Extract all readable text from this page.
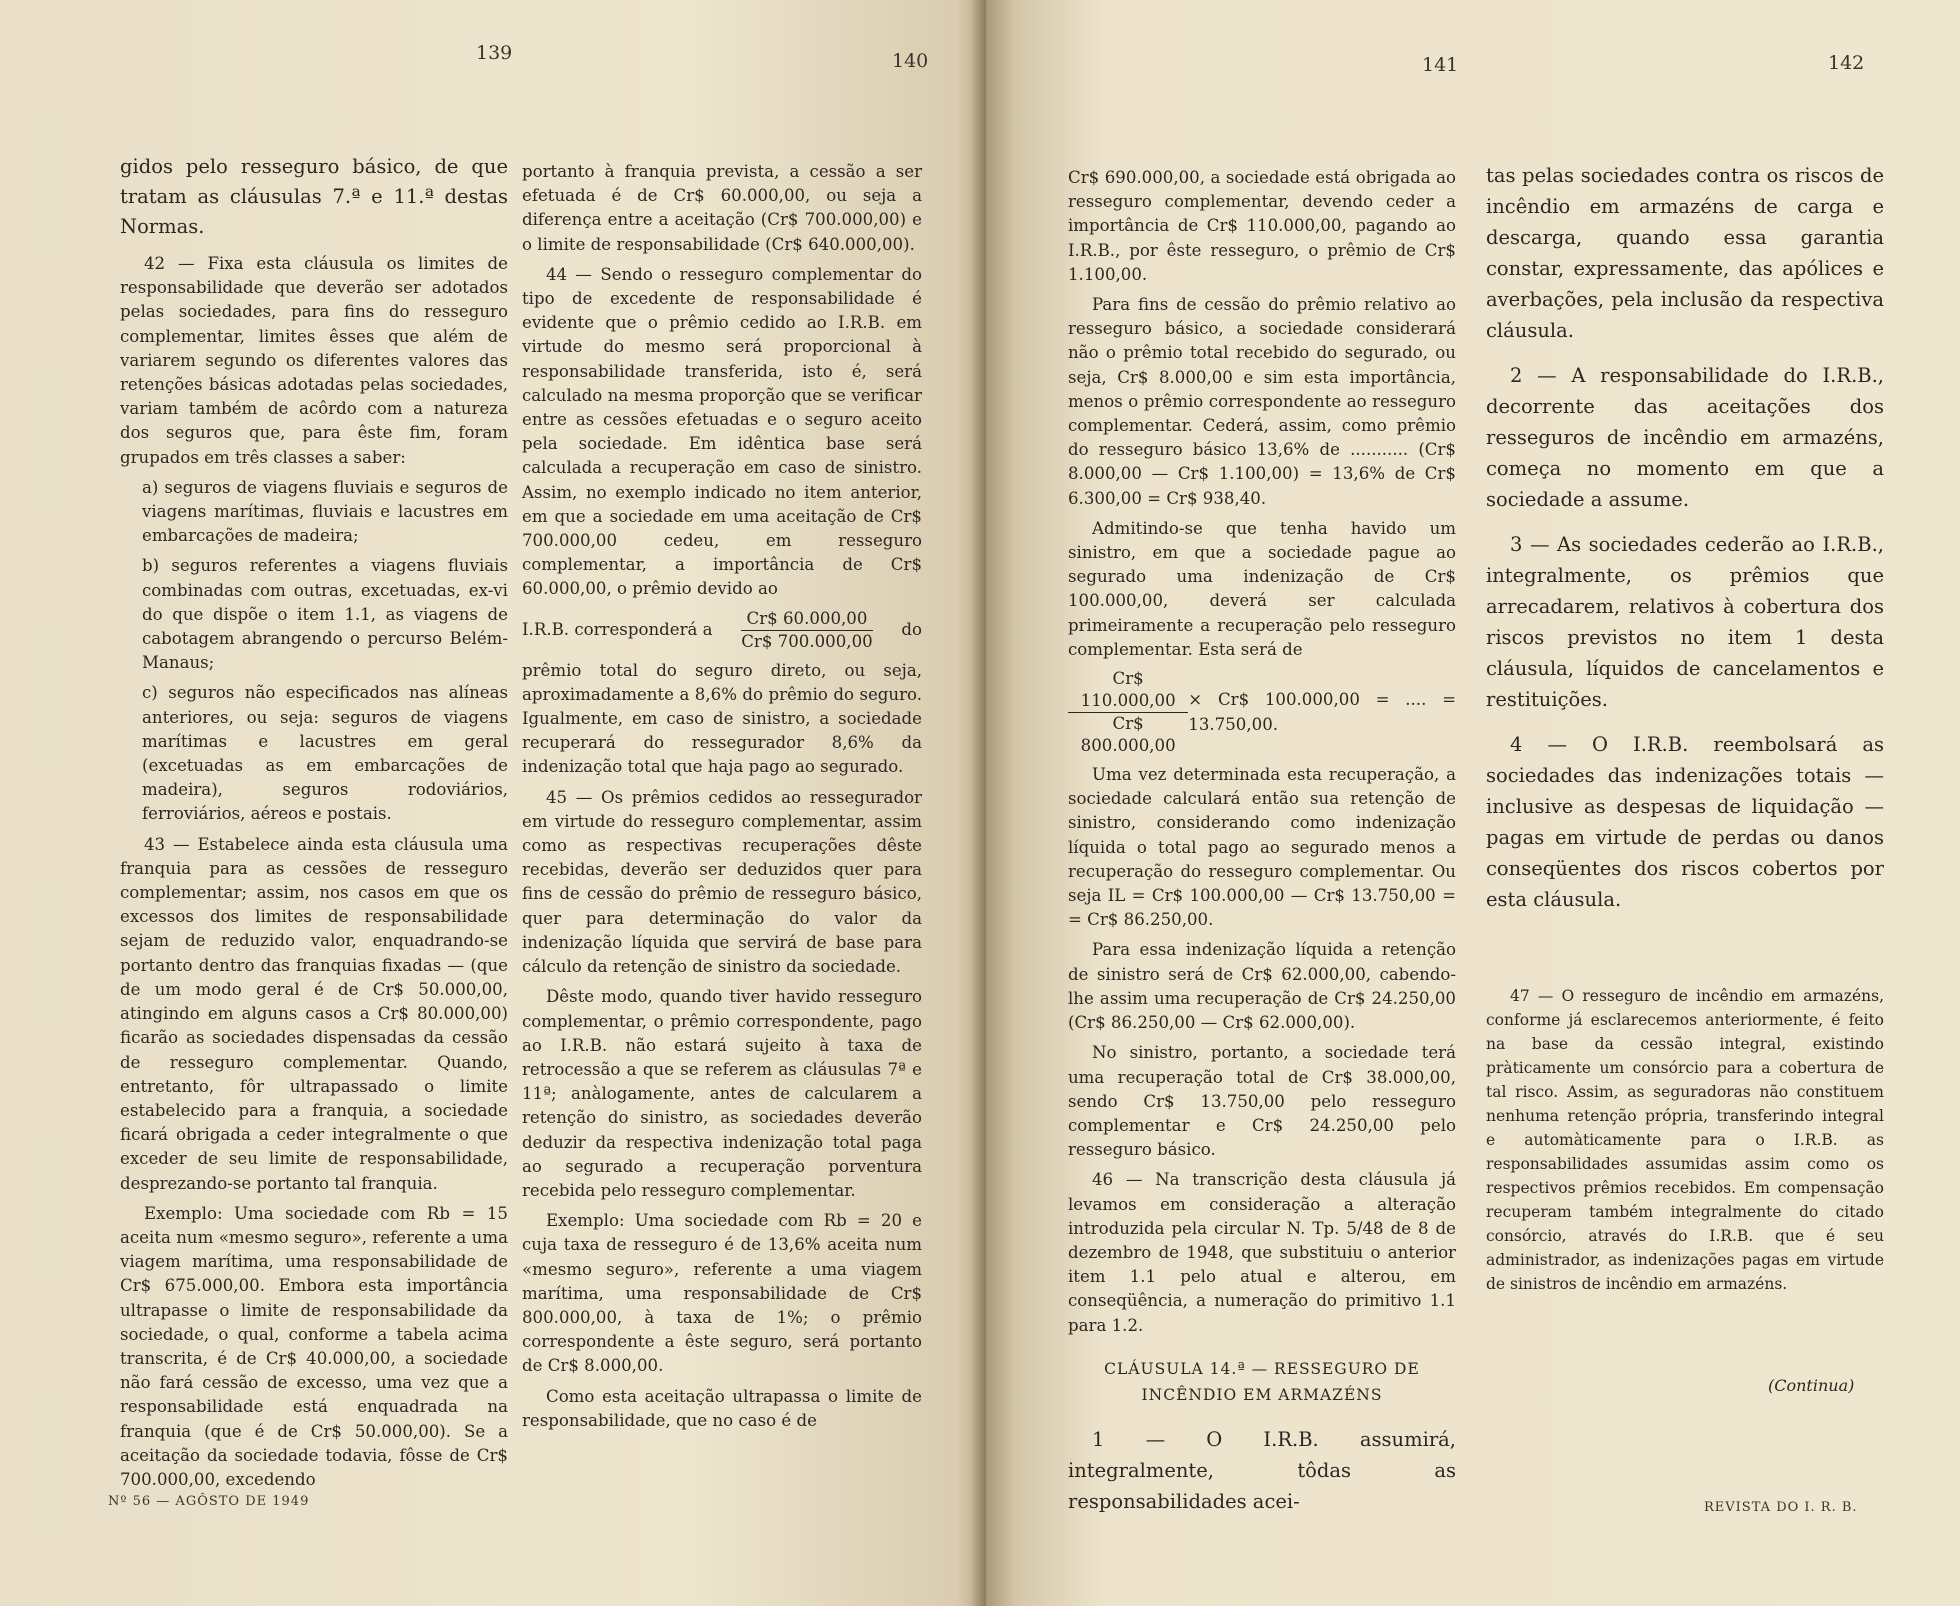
139	140

gidos pelo resseguro básico, de que tratam as cláusulas 7.ª e 11.ª destas Normas.

42 — Fixa esta cláusula os limites de responsabilidade que deverão ser adotados pelas sociedades, para fins do resseguro complementar, limites êsses que além de variarem segundo os diferentes valores das retenções básicas adotadas pelas sociedades, variam também de acôrdo com a natureza dos seguros que, para êste fim, foram grupados em três classes a saber:

a) seguros de viagens fluviais e seguros de viagens marítimas, fluviais e lacustres em embarcações de madeira;

b) seguros referentes a viagens fluviais combinadas com outras, excetuadas, ex-vi do que dispõe o item 1.1, as viagens de cabotagem abrangendo o percurso Belém-Manaus;

c) seguros não especificados nas alíneas anteriores, ou seja: seguros de viagens marítimas e lacustres em geral (excetuadas as em embarcações de madeira), seguros rodoviários, ferroviários, aéreos e postais.

43 — Estabelece ainda esta cláusula uma franquia para as cessões de resseguro complementar; assim, nos casos em que os excessos dos limites de responsabilidade sejam de reduzido valor, enquadrando-se portanto dentro das franquias fixadas — (que de um modo geral é de Cr$ 50.000,00, atingindo em alguns casos a Cr$ 80.000,00) ficarão as sociedades dispensadas da cessão de resseguro complementar. Quando, entretanto, fôr ultrapassado o limite estabelecido para a franquia, a sociedade ficará obrigada a ceder integralmente o que exceder de seu limite de responsabilidade, desprezando-se portanto tal franquia.

Exemplo: Uma sociedade com Rb = 15 aceita num «mesmo seguro», referente a uma viagem marítima, uma responsabilidade de Cr$ 675.000,00. Embora esta importância ultrapasse o limite de responsabilidade da sociedade, o qual, conforme a tabela acima transcrita, é de Cr$ 40.000,00, a sociedade não fará cessão de excesso, uma vez que a responsabilidade está enquadrada na franquia (que é de Cr$ 50.000,00). Se a aceitação da sociedade todavia, fôsse de Cr$ 700.000,00, excedendo

portanto à franquia prevista, a cessão a ser efetuada é de Cr$ 60.000,00, ou seja a diferença entre a aceitação (Cr$ 700.000,00) e o limite de responsabilidade (Cr$ 640.000,00).

44 — Sendo o resseguro complementar do tipo de excedente de responsabilidade é evidente que o prêmio cedido ao I.R.B. em virtude do mesmo será proporcional à responsabilidade transferida, isto é, será calculado na mesma proporção que se verificar entre as cessões efetuadas e o seguro aceito pela sociedade. Em idêntica base será calculada a recuperação em caso de sinistro. Assim, no exemplo indicado no item anterior, em que a sociedade em uma aceitação de Cr$ 700.000,00 cedeu, em resseguro complementar, a importância de Cr$ 60.000,00, o prêmio devido ao

I.R.B. corresponderá a $\frac{Cr\$ 60.000,00}{Cr\$ 700.000,00}$ do

prêmio total do seguro direto, ou seja, aproximadamente a 8,6% do prêmio do seguro. Igualmente, em caso de sinistro, a sociedade recuperará do ressegurador 8,6% da indenização total que haja pago ao segurado.

45 — Os prêmios cedidos ao ressegurador em virtude do resseguro complementar, assim como as respectivas recuperações dêste recebidas, deverão ser deduzidos quer para fins de cessão do prêmio de resseguro básico, quer para determinação do valor da indenização líquida que servirá de base para cálculo da retenção de sinistro da sociedade.

Dêste modo, quando tiver havido resseguro complementar, o prêmio correspondente, pago ao I.R.B. não estará sujeito à taxa de retrocessão a que se referem as cláusulas 7ª e 11ª; anàlogamente, antes de calcularem a retenção do sinistro, as sociedades deverão deduzir da respectiva indenização total paga ao segurado a recuperação porventura recebida pelo resseguro complementar.

Exemplo: Uma sociedade com Rb = 20 e cuja taxa de resseguro é de 13,6% aceita num «mesmo seguro», referente a uma viagem marítima, uma responsabilidade de Cr$ 800.000,00, à taxa de 1%; o prêmio correspondente a êste seguro, será portanto de Cr$ 8.000,00.

Como esta aceitação ultrapassa o limite de responsabilidade, que no caso é de

Nº 56 — AGÔSTO DE 1949
141	142

Cr$ 690.000,00, a sociedade está obrigada ao resseguro complementar, devendo ceder a importância de Cr$ 110.000,00, pagando ao I.R.B., por êste resseguro, o prêmio de Cr$ 1.100,00.

Para fins de cessão do prêmio relativo ao resseguro básico, a sociedade considerará não o prêmio total recebido do segurado, ou seja, Cr$ 8.000,00 e sim esta importância, menos o prêmio correspondente ao resseguro complementar. Cederá, assim, como prêmio do resseguro básico 13,6% de ........... (Cr$ 8.000,00 — Cr$ 1.100,00) = 13,6% de Cr$ 6.300,00 = Cr$ 938,40.

Admitindo-se que tenha havido um sinistro, em que a sociedade pague ao segurado uma indenização de Cr$ 100.000,00, deverá ser calculada primeiramente a recuperação pelo resseguro complementar. Esta será de

$\frac{Cr\$ 110.000,00}{Cr\$ 800.000,00}$ × Cr$ 100.000,00 = .... = 13.750,00.

Uma vez determinada esta recuperação, a sociedade calculará então sua retenção de sinistro, considerando como indenização líquida o total pago ao segurado menos a recuperação do resseguro complementar. Ou seja IL = Cr$ 100.000,00 — Cr$ 13.750,00 = = Cr$ 86.250,00.

Para essa indenização líquida a retenção de sinistro será de Cr$ 62.000,00, cabendo-lhe assim uma recuperação de Cr$ 24.250,00 (Cr$ 86.250,00 — Cr$ 62.000,00).

No sinistro, portanto, a sociedade terá uma recuperação total de Cr$ 38.000,00, sendo Cr$ 13.750,00 pelo resseguro complementar e Cr$ 24.250,00 pelo resseguro básico.

46 — Na transcrição desta cláusula já levamos em consideração a alteração introduzida pela circular N. Tp. 5/48 de 8 de dezembro de 1948, que substituiu o anterior item 1.1 pelo atual e alterou, em conseqüência, a numeração do primitivo 1.1 para 1.2.

CLÁUSULA 14.ª — RESSEGURO DE
INCÊNDIO EM ARMAZÉNS

1 — O I.R.B. assumirá, integralmente, tôdas as responsabilidades acei-

tas pelas sociedades contra os riscos de incêndio em armazéns de carga e descarga, quando essa garantia constar, expressamente, das apólices e averbações, pela inclusão da respectiva cláusula.

2 — A responsabilidade do I.R.B., decorrente das aceitações dos resseguros de incêndio em armazéns, começa no momento em que a sociedade a assume.

3 — As sociedades cederão ao I.R.B., integralmente, os prêmios que arrecadarem, relativos à cobertura dos riscos previstos no item 1 desta cláusula, líquidos de cancelamentos e restituições.

4 — O I.R.B. reembolsará as sociedades das indenizações totais — inclusive as despesas de liquidação — pagas em virtude de perdas ou danos conseqüentes dos riscos cobertos por esta cláusula.

47 — O resseguro de incêndio em armazéns, conforme já esclarecemos anteriormente, é feito na base da cessão integral, existindo pràticamente um consórcio para a cobertura de tal risco. Assim, as seguradoras não constituem nenhuma retenção própria, transferindo integral e automàticamente para o I.R.B. as responsabilidades assumidas assim como os respectivos prêmios recebidos. Em compensação recuperam também integralmente do citado consórcio, através do I.R.B. que é seu administrador, as indenizações pagas em virtude de sinistros de incêndio em armazéns.

(Continua)
REVISTA DO I. R. B.
